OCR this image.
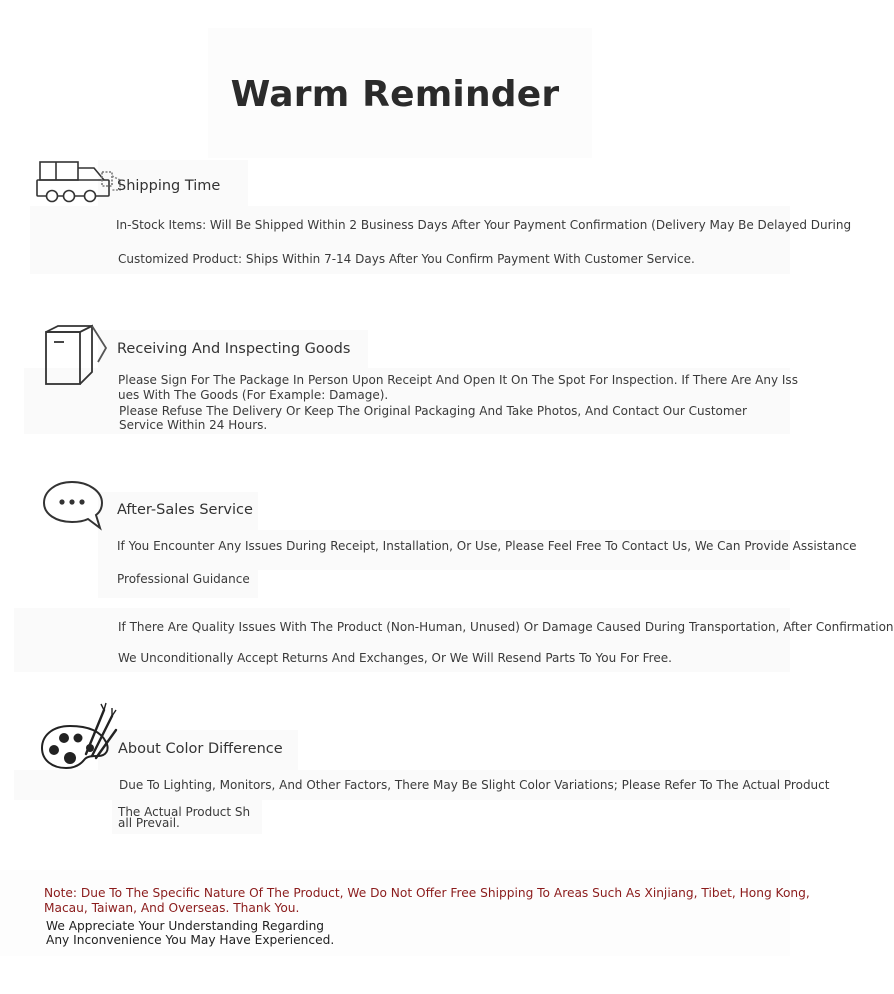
Warm Reminder
Shipping Time
In-Stock Items: Will Be Shipped Within 2 Business Days After Your Payment Confirmation (Delivery May Be Delayed During
Customized Product: Ships Within 7-14 Days After You Confirm Payment With Customer Service.
Receiving And Inspecting Goods
Please Sign For The Package In Person Upon Receipt And Open It On The Spot For Inspection. If There Are Any Iss
ues With The Goods (For Example: Damage).
Please Refuse The Delivery Or Keep The Original Packaging And Take Photos, And Contact Our Customer
Service Within 24 Hours.
After-Sales Service
If You Encounter Any Issues During Receipt, Installation, Or Use, Please Feel Free To Contact Us, We Can Provide Assistance
Professional Guidance
If There Are Quality Issues With The Product (Non-Human, Unused) Or Damage Caused During Transportation, After Confirmation
We Unconditionally Accept Returns And Exchanges, Or We Will Resend Parts To You For Free.
About Color Difference
Due To Lighting, Monitors, And Other Factors, There May Be Slight Color Variations; Please Refer To The Actual Product
The Actual Product Sh
all Prevail.
Note: Due To The Specific Nature Of The Product, We Do Not Offer Free Shipping To Areas Such As Xinjiang, Tibet, Hong Kong,
Macau, Taiwan, And Overseas. Thank You.
We Appreciate Your Understanding Regarding
Any Inconvenience You May Have Experienced.
